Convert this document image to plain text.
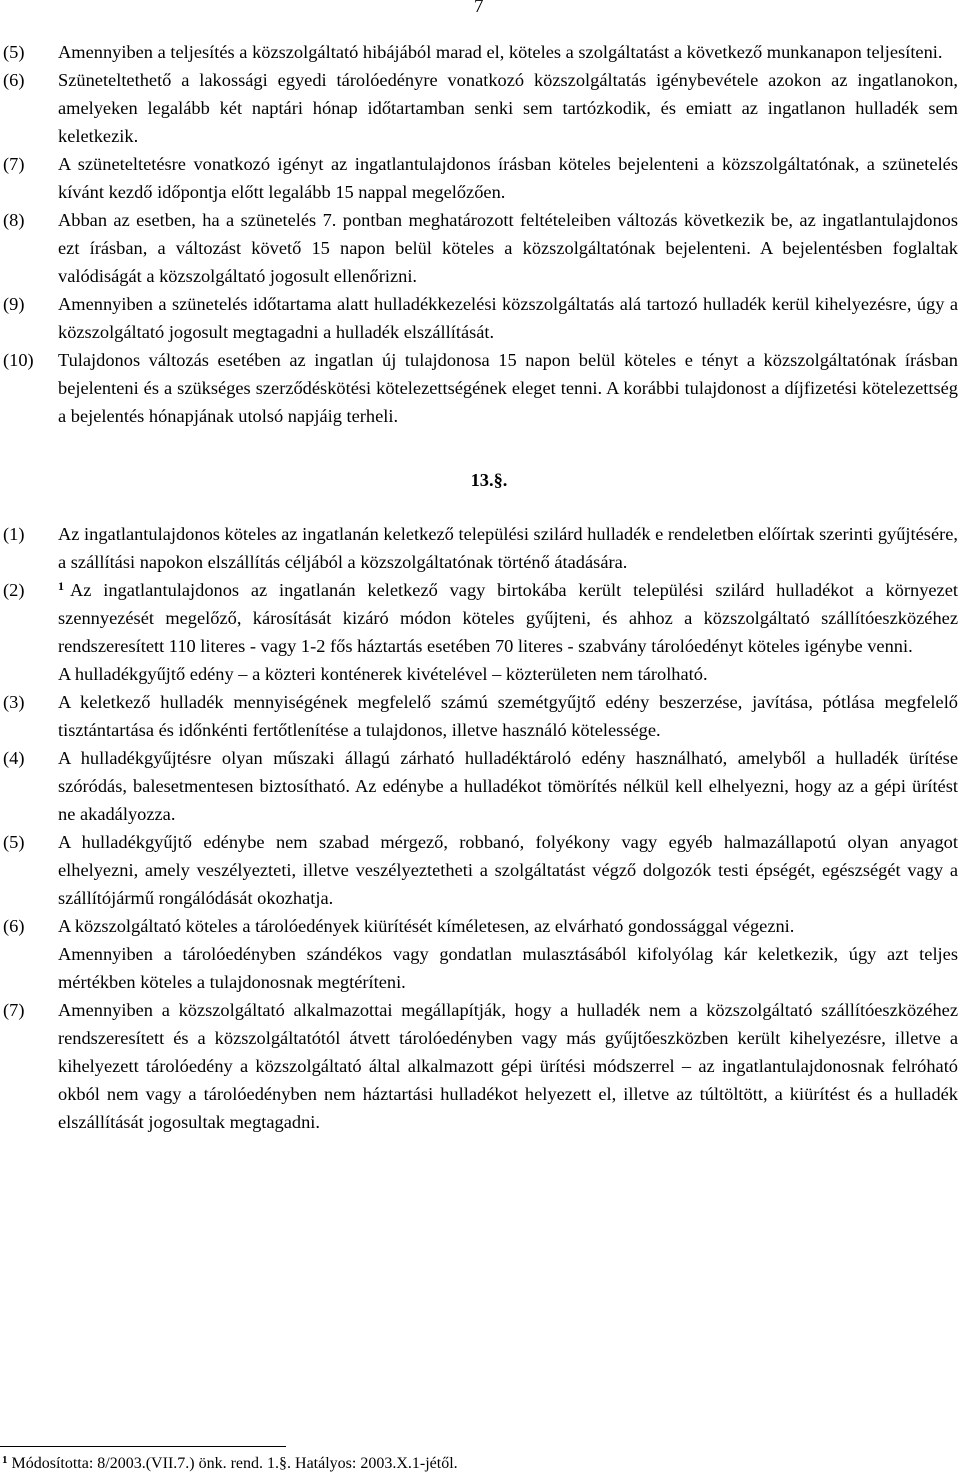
7
(5)	Amennyiben a teljesítés a közszolgáltató hibájából marad el, köteles a szolgáltatást a következő munkanapon teljesíteni.
(6)	Szüneteltethető a lakossági egyedi tárolóedényre vonatkozó közszolgáltatás igénybevétele azokon az ingatlanokon, amelyeken legalább két naptári hónap időtartamban senki sem tartózkodik, és emiatt az ingatlanon hulladék sem keletkezik.
(7)	A szüneteltetésre vonatkozó igényt az ingatlantulajdonos írásban köteles bejelenteni a közszolgáltatónak, a szünetelés kívánt kezdő időpontja előtt legalább 15 nappal megelőzően.
(8)	Abban az esetben, ha a szünetelés 7. pontban meghatározott feltételeiben változás következik be, az ingatlantulajdonos ezt írásban, a változást követő 15 napon belül köteles a közszolgáltatónak bejelenteni. A bejelentésben foglaltak valódiságát a közszolgáltató jogosult ellenőrizni.
(9)	Amennyiben a szünetelés időtartama alatt hulladékkezelési közszolgáltatás alá tartozó hulladék kerül kihelyezésre, úgy a közszolgáltató jogosult megtagadni a hulladék elszállítását.
(10)	Tulajdonos változás esetében az ingatlan új tulajdonosa 15 napon belül köteles e tényt a közszolgáltatónak írásban bejelenteni és a szükséges szerződéskötési kötelezettségének eleget tenni. A korábbi tulajdonost a díjfizetési kötelezettség a bejelentés hónapjának utolsó napjáig terheli.
13.§.
(1)	Az ingatlantulajdonos köteles az ingatlanán keletkező települési szilárd hulladék e rendeletben előírtak szerinti gyűjtésére, a szállítási napokon elszállítás céljából a közszolgáltatónak történő átadására.
(2)	$^1$ Az ingatlantulajdonos az ingatlanán keletkező vagy birtokába került települési szilárd hulladékot a környezet szennyezését megelőző, károsítását kizáró módon köteles gyűjteni, és ahhoz a közszolgáltató szállítóeszközéhez rendszeresített 110 literes - vagy 1-2 fős háztartás esetében 70 literes - szabvány tárolóedényt köteles igénybe venni.
A hulladékgyűjtő edény – a közteri konténerek kivételével – közterületen nem tárolható.
(3)	A keletkező hulladék mennyiségének megfelelő számú szemétgyűjtő edény beszerzése, javítása, pótlása megfelelő tisztántartása és időnkénti fertőtlenítése a tulajdonos, illetve használó kötelessége.
(4)	A hulladékgyűjtésre olyan műszaki állagú zárható hulladéktároló edény használható, amelyből a hulladék ürítése szóródás, balesetmentesen biztosítható. Az edénybe a hulladékot tömörítés nélkül kell elhelyezni, hogy az a gépi ürítést ne akadályozza.
(5)	A hulladékgyűjtő edénybe nem szabad mérgező, robbanó, folyékony vagy egyéb halmazállapotú olyan anyagot elhelyezni, amely veszélyezteti, illetve veszélyeztetheti a szolgáltatást végző dolgozók testi épségét, egészségét vagy a szállítójármű rongálódását okozhatja.
(6)	A közszolgáltató köteles a tárolóedények kiürítését kíméletesen, az elvárható gondossággal végezni.
Amennyiben a tárolóedényben szándékos vagy gondatlan mulasztásából kifolyólag kár keletkezik, úgy azt teljes mértékben köteles a tulajdonosnak megtéríteni.
(7)	Amennyiben a közszolgáltató alkalmazottai megállapítják, hogy a hulladék nem a közszolgáltató szállítóeszközéhez rendszeresített és a közszolgáltatótól átvett tárolóedényben vagy más gyűjtőeszközben került kihelyezésre, illetve a kihelyezett tárolóedény a közszolgáltató által alkalmazott gépi ürítési módszerrel – az ingatlantulajdonosnak felróható okból nem vagy a tárolóedényben nem háztartási hulladékot helyezett el, illetve az túltöltött, a kiürítést és a hulladék elszállítását jogosultak megtagadni.
$^1$ Módosította: 8/2003.(VII.7.) önk. rend. 1.§. Hatályos: 2003.X.1-jétől.
